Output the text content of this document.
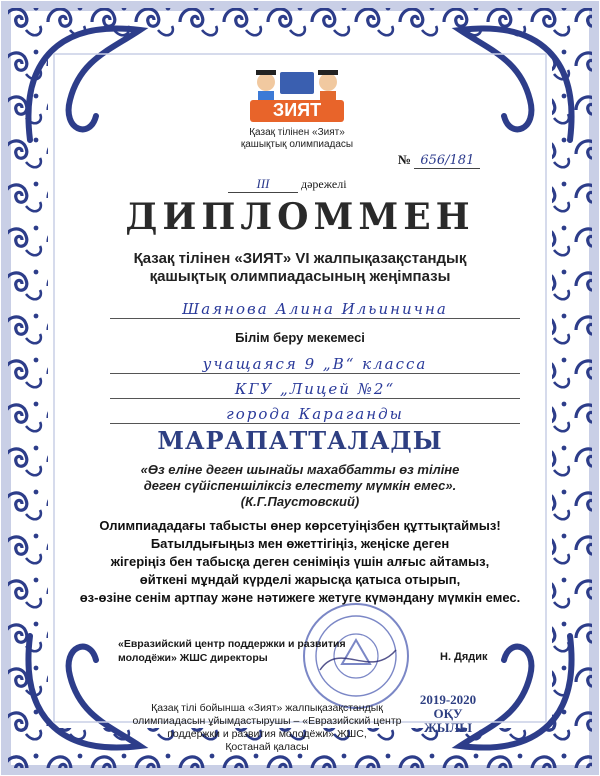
ЗИЯТ
Қазақ тілінен «Зият»
қашықтық олимпиадасы
№ 656/181
III	дәрежелі
ДИПЛОММЕН
Қазақ тілінен «ЗИЯТ» VI жалпықазақстандық
қашықтық олимпиадасының жеңімпазы
Шаянова Алина Ильинична
Білім беру мекемесі
учащаяся 9 „В“ класса
КГУ „Лицей №2“
города Караганды
МАРАПАТТАЛАДЫ
«Өз еліне деген шынайы махаббатты өз тіліне
деген сүйіспеншіліксіз елестету мүмкін емес».
(К.Г.Паустовский)
Олимпиададағы табысты өнер көрсетуіңізбен құттықтаймыз!
Батылдығыңыз мен өжеттігіңіз, жеңіске деген
жігеріңіз бен табысқа деген сеніміңіз үшін алғыс айтамыз,
өйткені мұндай күрделі жарысқа қатыса отырып,
өз-өзіне сенім артпау және нәтижеге жетуге күмәндану мүмкін емес.
«Евразийский центр поддержки и развития
молодёжи» ЖШС директоры	Н. Дядик
Қазақ тілі бойынша «Зият» жалпықазақстандық
олимпиадасын ұйымдастырушы – «Евразийский центр
поддержки и развития молодёжи» ЖШС,
Қостанай қаласы
2019-2020
ОҚУ ЖЫЛЫ
